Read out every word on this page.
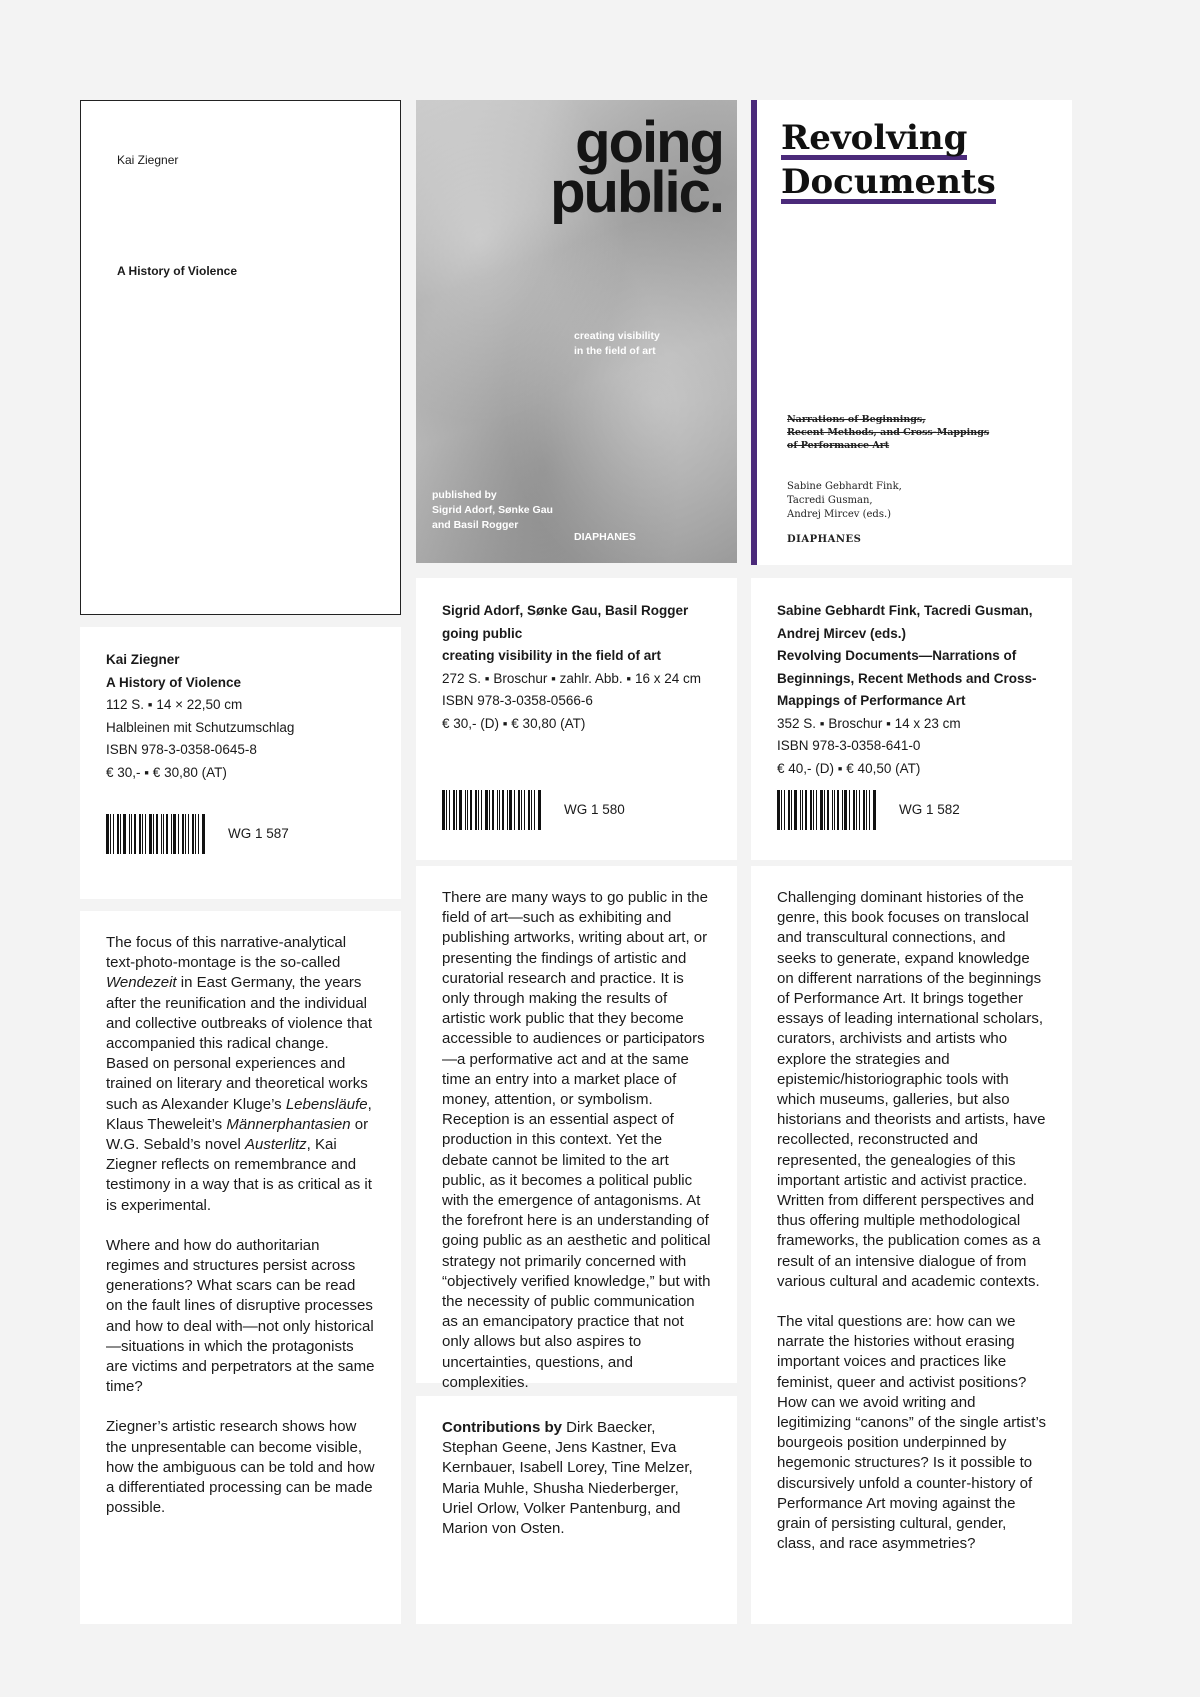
Kai Ziegner
A History of Violence
Kai Ziegner
A History of Violence
112 S. ▪ 14 × 22,50 cm
Halbleinen mit Schutzumschlag
ISBN 978-3-0358-0645-8
€ 30,- ▪ € 30,80 (AT)
WG 1 587

The focus of this narrative-analytical text-photo-montage is the so-called Wendezeit in East Germany, the years after the reunification and the individual and collective outbreaks of violence that accompanied this radical change. Based on personal experiences and trained on literary and theoretical works such as Alexander Kluge’s Lebensläufe, Klaus Theweleit’s Männerphantasien or W.G. Sebald’s novel Austerlitz, Kai Ziegner reflects on remembrance and testimony in a way that is as critical as it is experimental.

Where and how do authoritarian regimes and structures persist across generations? What scars can be read on the fault lines of disruptive processes and how to deal with—not only historical—situations in which the protagonists are victims and perpetrators at the same time?

Ziegner’s artistic research shows how the unpresentable can become visible, how the ambiguous can be told and how a differentiated processing can be made possible.

going
public.
creating visibility
in the field of art
published by
Sigrid Adorf, Sønke Gau
and Basil Rogger
DIAPHANES
Sigrid Adorf, Sønke Gau, Basil Rogger
going public
creating visibility in the field of art
272 S. ▪ Broschur ▪ zahlr. Abb. ▪ 16 x 24 cm
ISBN 978-3-0358-0566-6
€ 30,- (D) ▪ € 30,80 (AT)
WG 1 580

There are many ways to go public in the field of art—such as exhibiting and publishing artworks, writing about art, or presenting the findings of artistic and curatorial research and practice. It is only through making the results of artistic work public that they become accessible to audiences or participators—a performative act and at the same time an entry into a market place of money, attention, or symbolism. Reception is an essential aspect of production in this context. Yet the debate cannot be limited to the art public, as it becomes a political public with the emergence of antagonisms. At the forefront here is an understanding of going public as an aesthetic and political strategy not primarily concerned with “objectively verified knowledge,” but with the necessity of public communication as an emancipatory practice that not only allows but also aspires to uncertainties, questions, and complexities.

Contributions by Dirk Baecker, Stephan Geene, Jens Kastner, Eva Kernbauer, Isabell Lorey, Tine Melzer, Maria Muhle, Shusha Niederberger, Uriel Orlow, Volker Pantenburg, and Marion von Osten.

Revolving
Documents
Narrations of Beginnings,
Recent Methods, and Cross-Mappings
of Performance Art
Sabine Gebhardt Fink,
Tacredi Gusman,
Andrej Mircev (eds.)
DIAPHANES
Sabine Gebhardt Fink, Tacredi Gusman,
Andrej Mircev (eds.)
Revolving Documents—Narrations of
Beginnings, Recent Methods and Cross-
Mappings of Performance Art
352 S. ▪ Broschur ▪ 14 x 23 cm
ISBN 978-3-0358-641-0
€ 40,- (D) ▪ € 40,50 (AT)
WG 1 582

Challenging dominant histories of the genre, this book focuses on translocal and transcultural connections, and seeks to generate, expand knowledge on different narrations of the beginnings of Performance Art. It brings together essays of leading international scholars, curators, archivists and artists who explore the strategies and epistemic/historiographic tools with which museums, galleries, but also historians and theorists and artists, have recollected, reconstructed and represented, the genealogies of this important artistic and activist practice. Written from different perspectives and thus offering multiple methodological frameworks, the publication comes as a result of an intensive dialogue of from various cultural and academic contexts.

The vital questions are: how can we narrate the histories without erasing important voices and practices like feminist, queer and activist positions? How can we avoid writing and legitimizing “canons” of the single artist’s bourgeois position underpinned by hegemonic structures? Is it possible to discursively unfold a counter-history of Performance Art moving against the grain of persisting cultural, gender, class, and race asymmetries?
